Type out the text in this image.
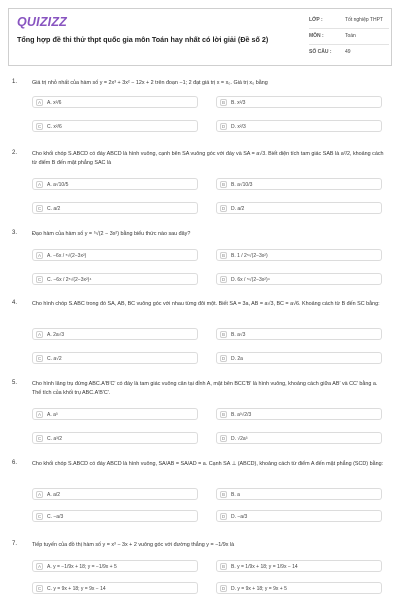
QUIZIZZ
Tổng hợp đề thi thử thpt quốc gia môn Toán hay nhất có lời giải (Đề số 2)
LỚP :	Tốt nghiệp THPT
MÔN :	Toán
SỐ CÂU :	49
1.	Giá trị nhỏ nhất của hàm số y = 2x³ + 3x² − 12x + 2 trên đoạn −1; 2 đạt giá trị x = x₀. Giá trị x₀ bằng
A	A. x²/6	B	B. x²/3
C	C. x²/6	D	D. x²/3
2.	Cho khối chóp S.ABCD có đáy ABCD là hình vuông, cạnh bên SA vuông góc với đáy và SA = a√3. Biết diện tích tam giác SAB là a²/2, khoảng cách từ điểm B đến mặt phẳng SAC là
A	A. a√10/5	B	B. a√10/3
C	C. a/2	D	D. a/2
3.	Đạo hàm của hàm số y = ⁵√(2 − 3x²) bằng biểu thức nào sau đây?
A	A. −6x / ⁵√(2−3x²)	B	B. 1 / 2⁵√(2−3x²)
C	C. −6x / 2⁵√(2−3x²)⁴	D	D. 6x / ⁵√(2−3x²)⁴
4.	Cho hình chóp S.ABC trong đó SA, AB, BC vuông góc với nhau từng đôi một. Biết SA = 3a, AB = a√3, BC = a√6. Khoảng cách từ B đến SC bằng:
A	A. 2a√3	B	B. a√3
C	C. a√2	D	D. 2a
5.	Cho hình lăng trụ đứng ABC.A′B′C′ có đáy là tam giác vuông cân tại đỉnh A, mặt bên BCC′B′ là hình vuông, khoảng cách giữa AB′ và CC′ bằng a. Thể tích của khối trụ ABC.A′B′C′.
A	A. a³	B	B. a³√2/3
C	C. a³/2	D	D. √2a³
6.	Cho khối chóp S.ABCD có đáy ABCD là hình vuông, SA/AB = SA/AD = a. Cạnh SA ⊥ (ABCD), khoảng cách từ điểm A đến mặt phẳng (SCD) bằng:
A	A. a/2	B	B. a
C	C. −a/3	D	D. −a/3
7.	Tiếp tuyến của đồ thị hàm số y = x³ − 3x + 2 vuông góc với đường thẳng y = −1/9x là
A	A. y = −1/9x + 18; y = −1/9x + 5	B	B. y = 1/9x + 18; y = 1/9x − 14
C	C. y = 9x + 18; y = 9x − 14	D	D. y = 9x + 18; y = 9x + 5
